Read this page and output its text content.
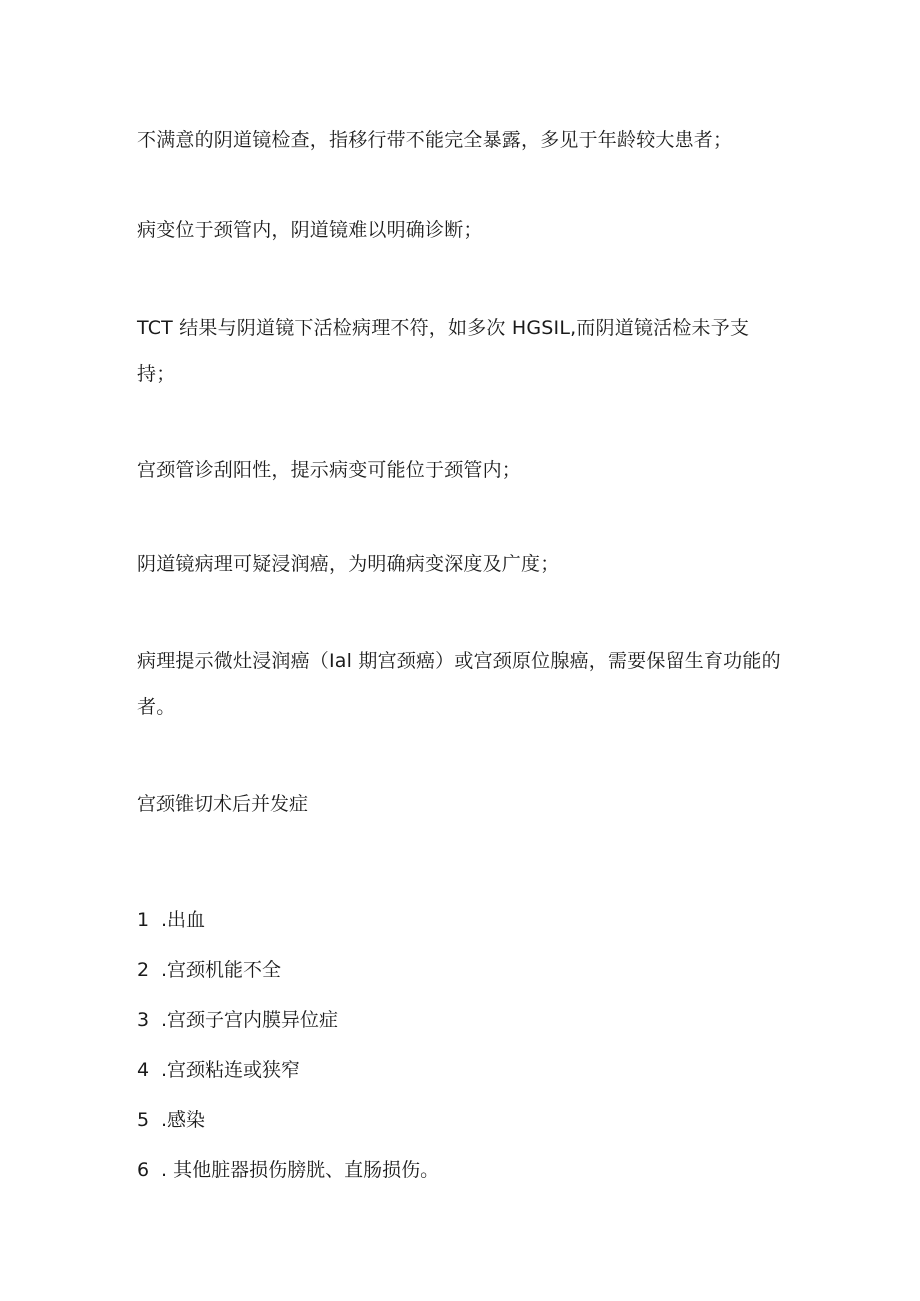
不满意的阴道镜检查，指移行带不能完全暴露，多见于年龄较大患者；

病变位于颈管内，阴道镜难以明确诊断；

TCT 结果与阴道镜下活检病理不符，如多次 HGSIL,而阴道镜活检未予支持；

宫颈管诊刮阳性，提示病变可能位于颈管内；

阴道镜病理可疑浸润癌，为明确病变深度及广度；

病理提示微灶浸润癌（Ial 期宫颈癌）或宫颈原位腺癌，需要保留生育功能的者。

宫颈锥切术后并发症
1 .出血
2 .宫颈机能不全
3 .宫颈子宫内膜异位症
4 .宫颈粘连或狭窄
5 .感染
6 . 其他脏器损伤膀胱、直肠损伤。
